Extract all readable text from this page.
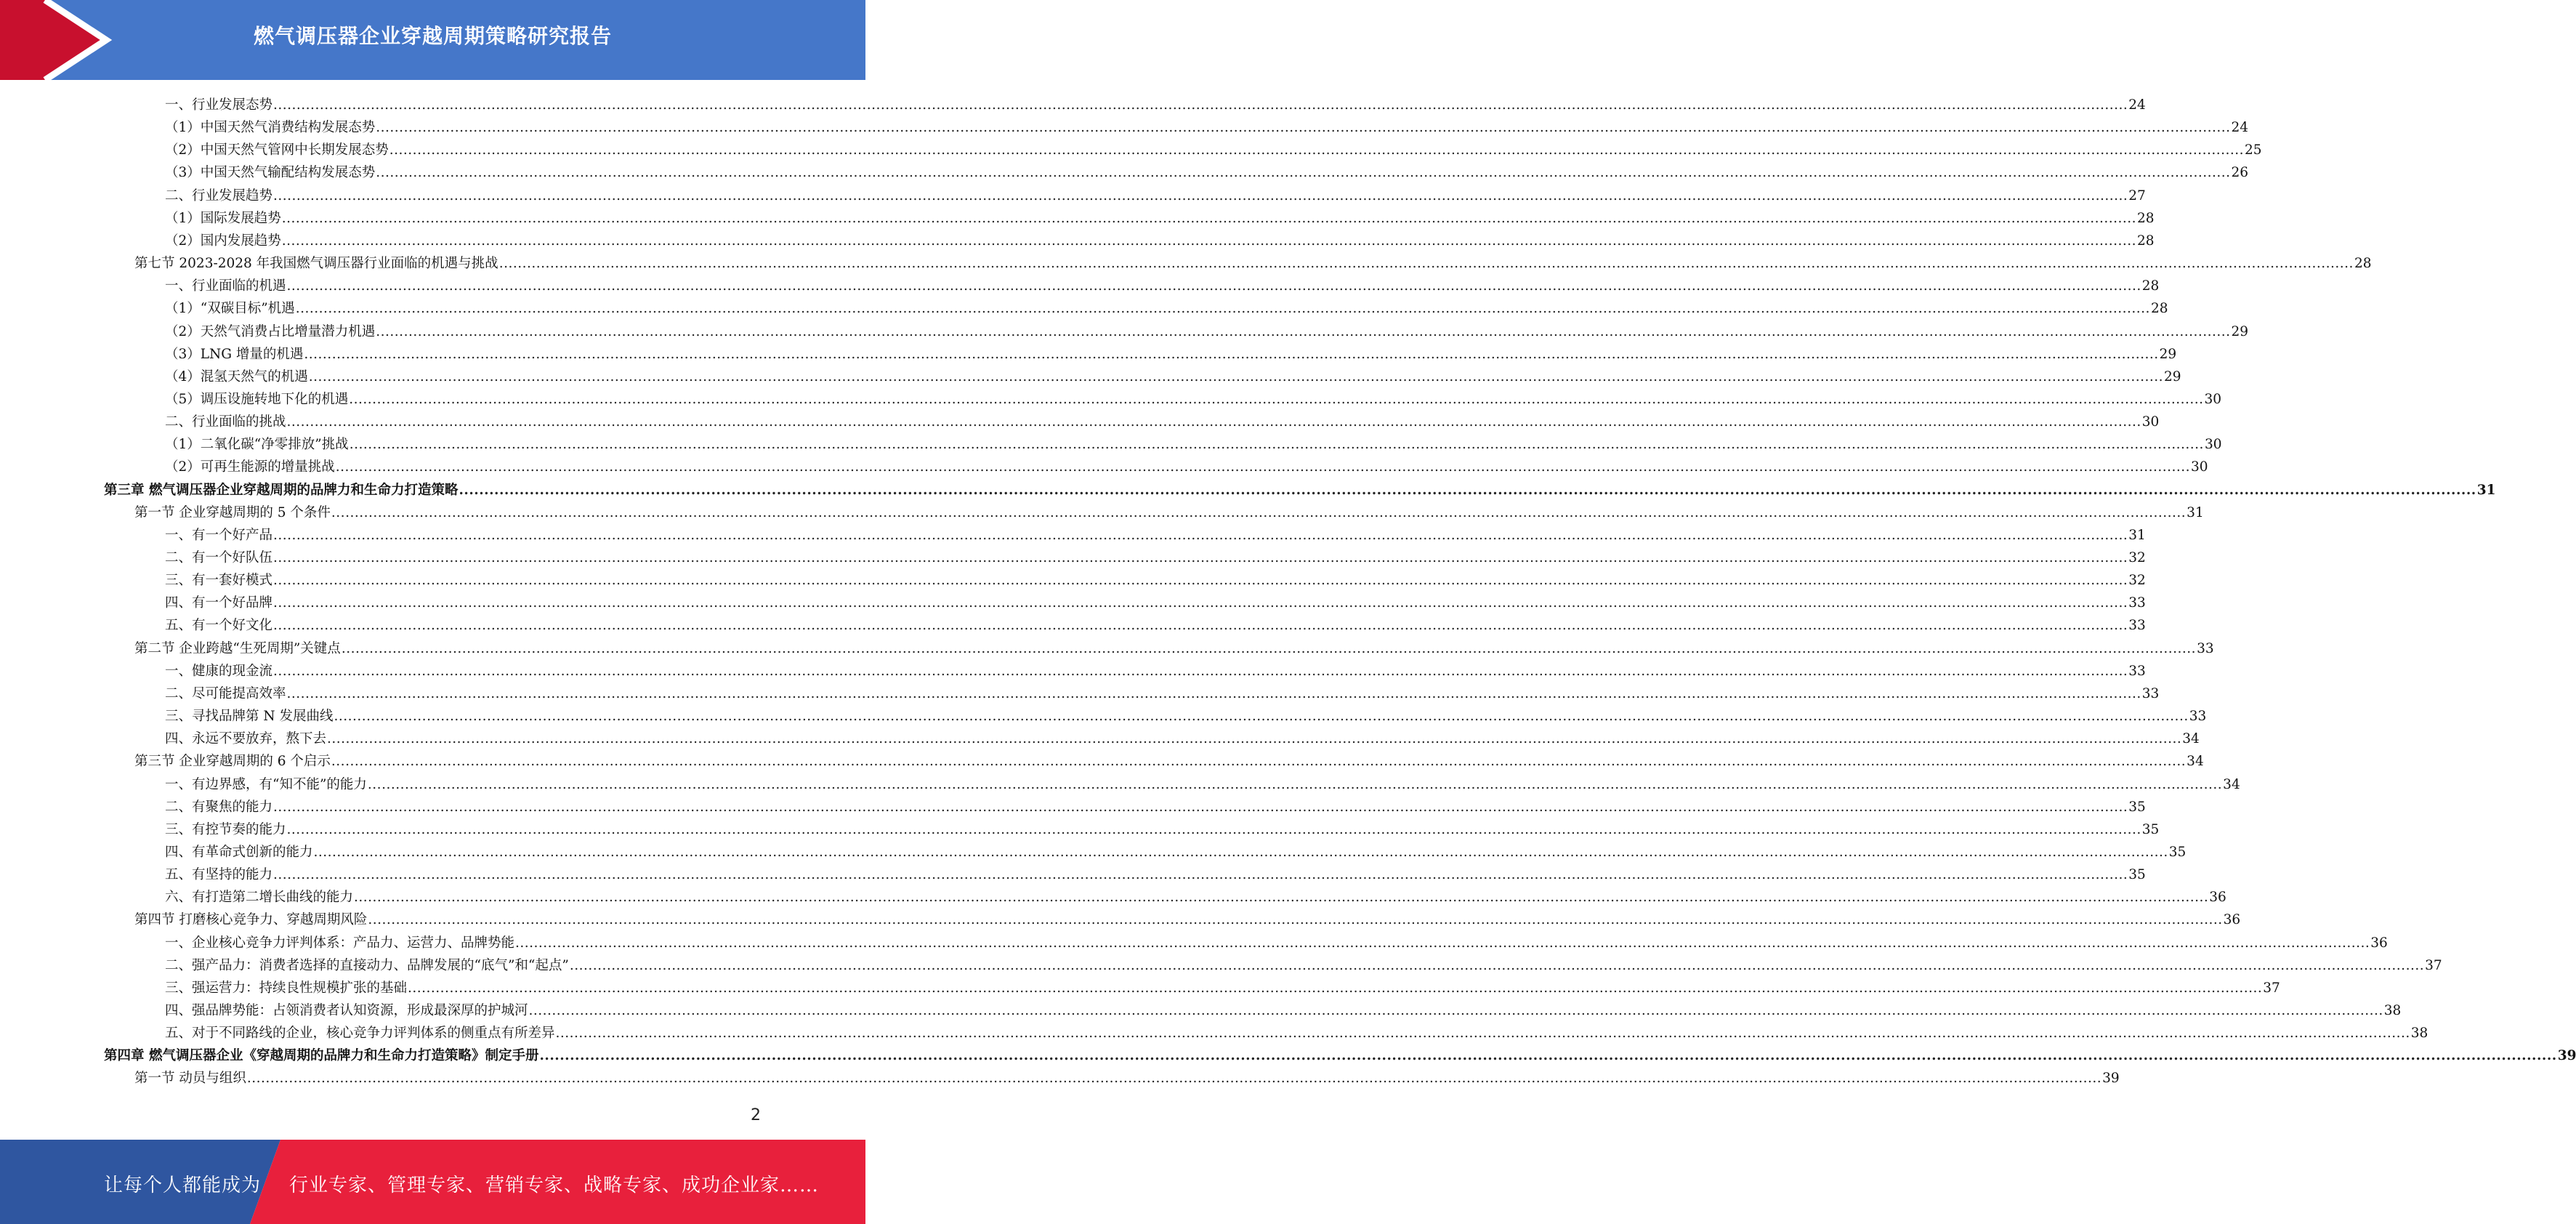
燃气调压器企业穿越周期策略研究报告
一、行业发展态势 ................................................................................................................................................................................................................................................................................................................................................................................................................ 24
（1）中国天然气消费结构发展态势 ................................................................................................................................................................................................................................................................................................................................................................................................................ 24
（2）中国天然气管网中长期发展态势 ................................................................................................................................................................................................................................................................................................................................................................................................................ 25
（3）中国天然气输配结构发展态势 ................................................................................................................................................................................................................................................................................................................................................................................................................ 26
二、行业发展趋势 ................................................................................................................................................................................................................................................................................................................................................................................................................ 27
（1）国际发展趋势 ................................................................................................................................................................................................................................................................................................................................................................................................................ 28
（2）国内发展趋势 ................................................................................................................................................................................................................................................................................................................................................................................................................ 28
第七节 2023-2028 年我国燃气调压器行业面临的机遇与挑战 ................................................................................................................................................................................................................................................................................................................................................................................................................ 28
一、行业面临的机遇 ................................................................................................................................................................................................................................................................................................................................................................................................................ 28
（1）“双碳目标”机遇 ................................................................................................................................................................................................................................................................................................................................................................................................................ 28
（2）天然气消费占比增量潜力机遇 ................................................................................................................................................................................................................................................................................................................................................................................................................ 29
（3）LNG 增量的机遇 ................................................................................................................................................................................................................................................................................................................................................................................................................ 29
（4）混氢天然气的机遇 ................................................................................................................................................................................................................................................................................................................................................................................................................ 29
（5）调压设施转地下化的机遇 ................................................................................................................................................................................................................................................................................................................................................................................................................ 30
二、行业面临的挑战 ................................................................................................................................................................................................................................................................................................................................................................................................................ 30
（1）二氧化碳“净零排放”挑战 ................................................................................................................................................................................................................................................................................................................................................................................................................ 30
（2）可再生能源的增量挑战 ................................................................................................................................................................................................................................................................................................................................................................................................................ 30
第三章 燃气调压器企业穿越周期的品牌力和生命力打造策略 ................................................................................................................................................................................................................................................................................................................................................................................................................ 31
第一节 企业穿越周期的 5 个条件 ................................................................................................................................................................................................................................................................................................................................................................................................................ 31
一、有一个好产品 ................................................................................................................................................................................................................................................................................................................................................................................................................ 31
二、有一个好队伍 ................................................................................................................................................................................................................................................................................................................................................................................................................ 32
三、有一套好模式 ................................................................................................................................................................................................................................................................................................................................................................................................................ 32
四、有一个好品牌 ................................................................................................................................................................................................................................................................................................................................................................................................................ 33
五、有一个好文化 ................................................................................................................................................................................................................................................................................................................................................................................................................ 33
第二节 企业跨越“生死周期”关键点 ................................................................................................................................................................................................................................................................................................................................................................................................................ 33
一、健康的现金流 ................................................................................................................................................................................................................................................................................................................................................................................................................ 33
二、尽可能提高效率 ................................................................................................................................................................................................................................................................................................................................................................................................................ 33
三、寻找品牌第 N 发展曲线 ................................................................................................................................................................................................................................................................................................................................................................................................................ 33
四、永远不要放弃，熬下去 ................................................................................................................................................................................................................................................................................................................................................................................................................ 34
第三节 企业穿越周期的 6 个启示 ................................................................................................................................................................................................................................................................................................................................................................................................................ 34
一、有边界感，有“知不能”的能力 ................................................................................................................................................................................................................................................................................................................................................................................................................ 34
二、有聚焦的能力 ................................................................................................................................................................................................................................................................................................................................................................................................................ 35
三、有控节奏的能力 ................................................................................................................................................................................................................................................................................................................................................................................................................ 35
四、有革命式创新的能力 ................................................................................................................................................................................................................................................................................................................................................................................................................ 35
五、有坚持的能力 ................................................................................................................................................................................................................................................................................................................................................................................................................ 35
六、有打造第二增长曲线的能力 ................................................................................................................................................................................................................................................................................................................................................................................................................ 36
第四节 打磨核心竞争力、穿越周期风险 ................................................................................................................................................................................................................................................................................................................................................................................................................ 36
一、企业核心竞争力评判体系：产品力、运营力、品牌势能 ................................................................................................................................................................................................................................................................................................................................................................................................................ 36
二、强产品力：消费者选择的直接动力、品牌发展的“底气”和“起点” ................................................................................................................................................................................................................................................................................................................................................................................................................ 37
三、强运营力：持续良性规模扩张的基础 ................................................................................................................................................................................................................................................................................................................................................................................................................ 37
四、强品牌势能：占领消费者认知资源，形成最深厚的护城河 ................................................................................................................................................................................................................................................................................................................................................................................................................ 38
五、对于不同路线的企业，核心竞争力评判体系的侧重点有所差异 ................................................................................................................................................................................................................................................................................................................................................................................................................ 38
第四章 燃气调压器企业《穿越周期的品牌力和生命力打造策略》制定手册 ................................................................................................................................................................................................................................................................................................................................................................................................................ 39
第一节 动员与组织 ................................................................................................................................................................................................................................................................................................................................................................................................................ 39
2
让每个人都能成为 行业专家、管理专家、营销专家、战略专家、成功企业家……
